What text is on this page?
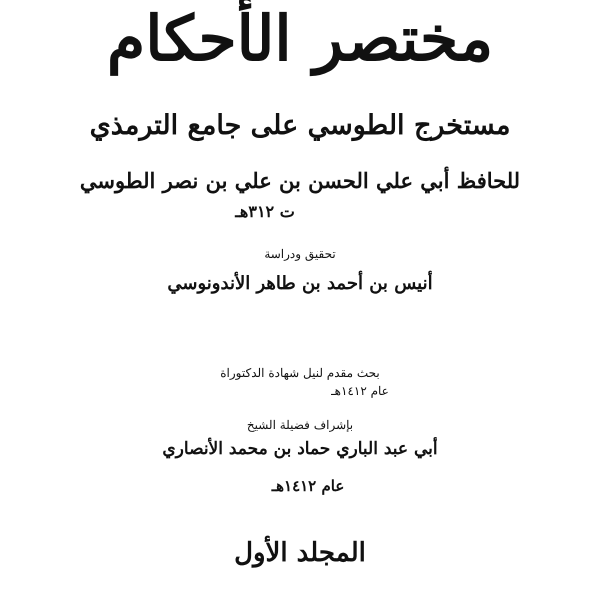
مختصر الأحكام
مستخرج الطوسي على جامع الترمذي
للحافظ أبي علي الحسن بن علي بن نصر الطوسي
ت ٣١٢هـ
تحقيق ودراسة
أنيس بن أحمد بن طاهر الأندونوسي
بحث مقدم لنيل شهادة الدكتوراة
عام ١٤١٢هـ
بإشراف فضيلة الشيخ
أبي عبد الباري حماد بن محمد الأنصاري
عام ١٤١٢هـ
المجلد الأول
